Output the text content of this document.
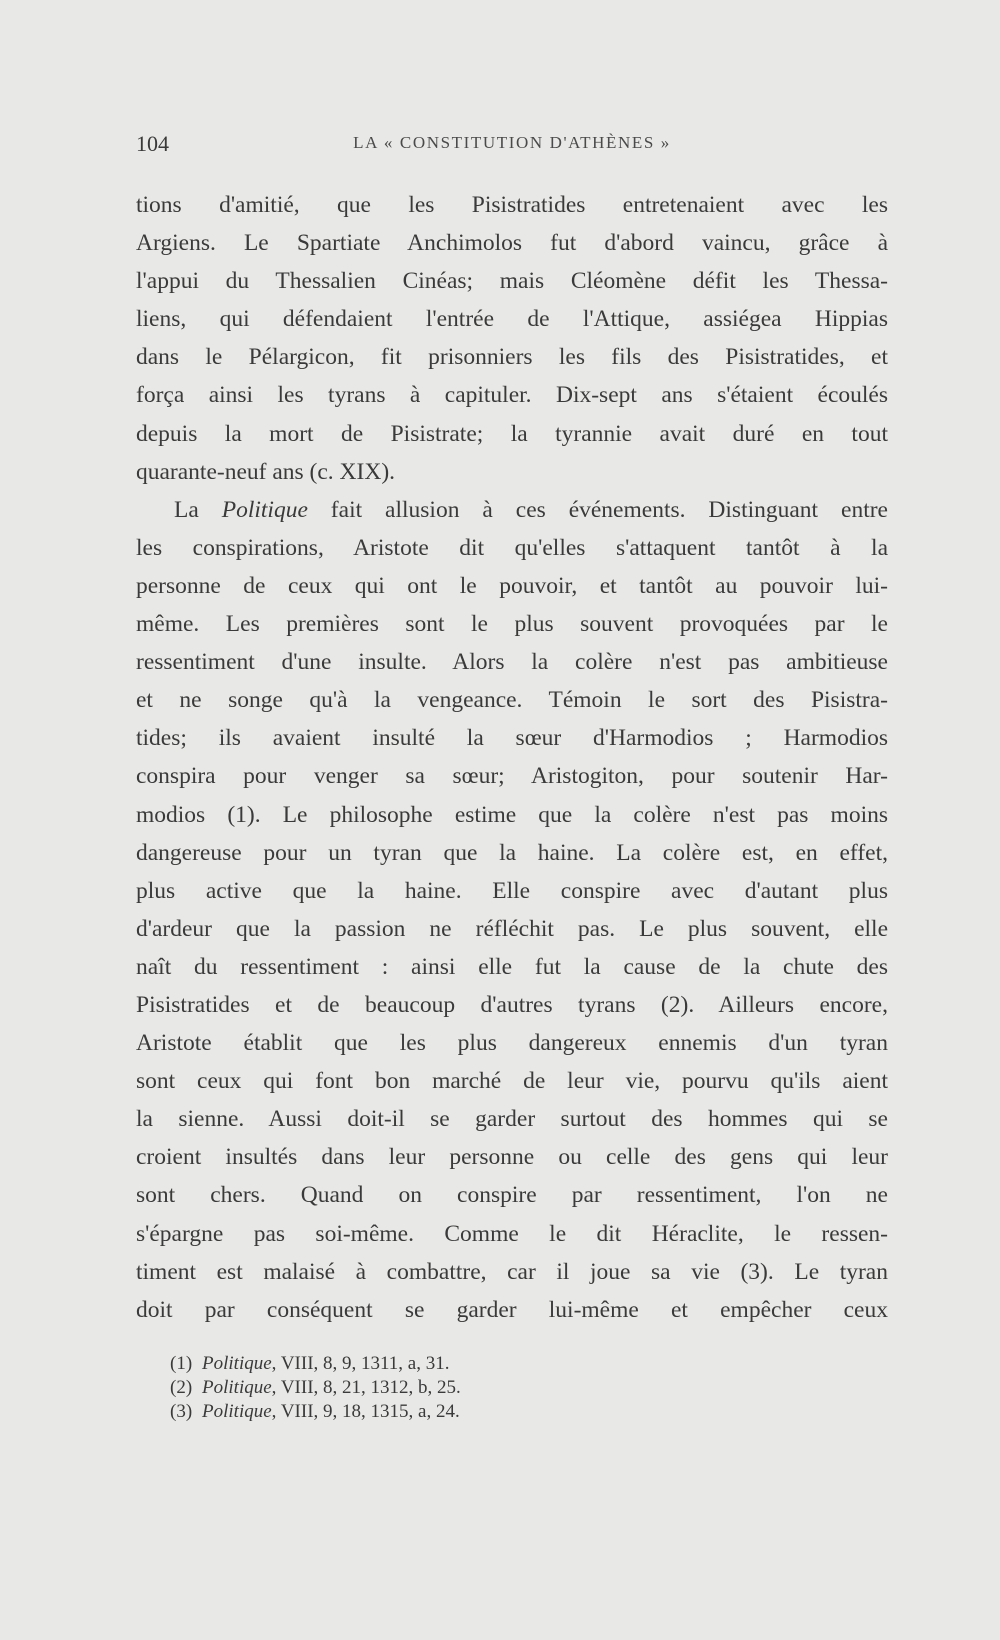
104	LA « CONSTITUTION D'ATHÈNES »
tions d'amitié, que les Pisistratides entretenaient avec les
Argiens. Le Spartiate Anchimolos fut d'abord vaincu, grâce à
l'appui du Thessalien Cinéas; mais Cléomène défit les Thessa-
liens, qui défendaient l'entrée de l'Attique, assiégea Hippias
dans le Pélargicon, fit prisonniers les fils des Pisistratides, et
força ainsi les tyrans à capituler. Dix-sept ans s'étaient écoulés
depuis la mort de Pisistrate; la tyrannie avait duré en tout
quarante-neuf ans (c. XIX).
La Politique fait allusion à ces événements. Distinguant entre
les conspirations, Aristote dit qu'elles s'attaquent tantôt à la
personne de ceux qui ont le pouvoir, et tantôt au pouvoir lui-
même. Les premières sont le plus souvent provoquées par le
ressentiment d'une insulte. Alors la colère n'est pas ambitieuse
et ne songe qu'à la vengeance. Témoin le sort des Pisistra-
tides; ils avaient insulté la sœur d'Harmodios ; Harmodios
conspira pour venger sa sœur; Aristogiton, pour soutenir Har-
modios (1). Le philosophe estime que la colère n'est pas moins
dangereuse pour un tyran que la haine. La colère est, en effet,
plus active que la haine. Elle conspire avec d'autant plus
d'ardeur que la passion ne réfléchit pas. Le plus souvent, elle
naît du ressentiment : ainsi elle fut la cause de la chute des
Pisistratides et de beaucoup d'autres tyrans (2). Ailleurs encore,
Aristote établit que les plus dangereux ennemis d'un tyran
sont ceux qui font bon marché de leur vie, pourvu qu'ils aient
la sienne. Aussi doit-il se garder surtout des hommes qui se
croient insultés dans leur personne ou celle des gens qui leur
sont chers. Quand on conspire par ressentiment, l'on ne
s'épargne pas soi-même. Comme le dit Héraclite, le ressen-
timent est malaisé à combattre, car il joue sa vie (3). Le tyran
doit par conséquent se garder lui-même et empêcher ceux
(1) Politique, VIII, 8, 9, 1311, a, 31.
(2) Politique, VIII, 8, 21, 1312, b, 25.
(3) Politique, VIII, 9, 18, 1315, a, 24.
